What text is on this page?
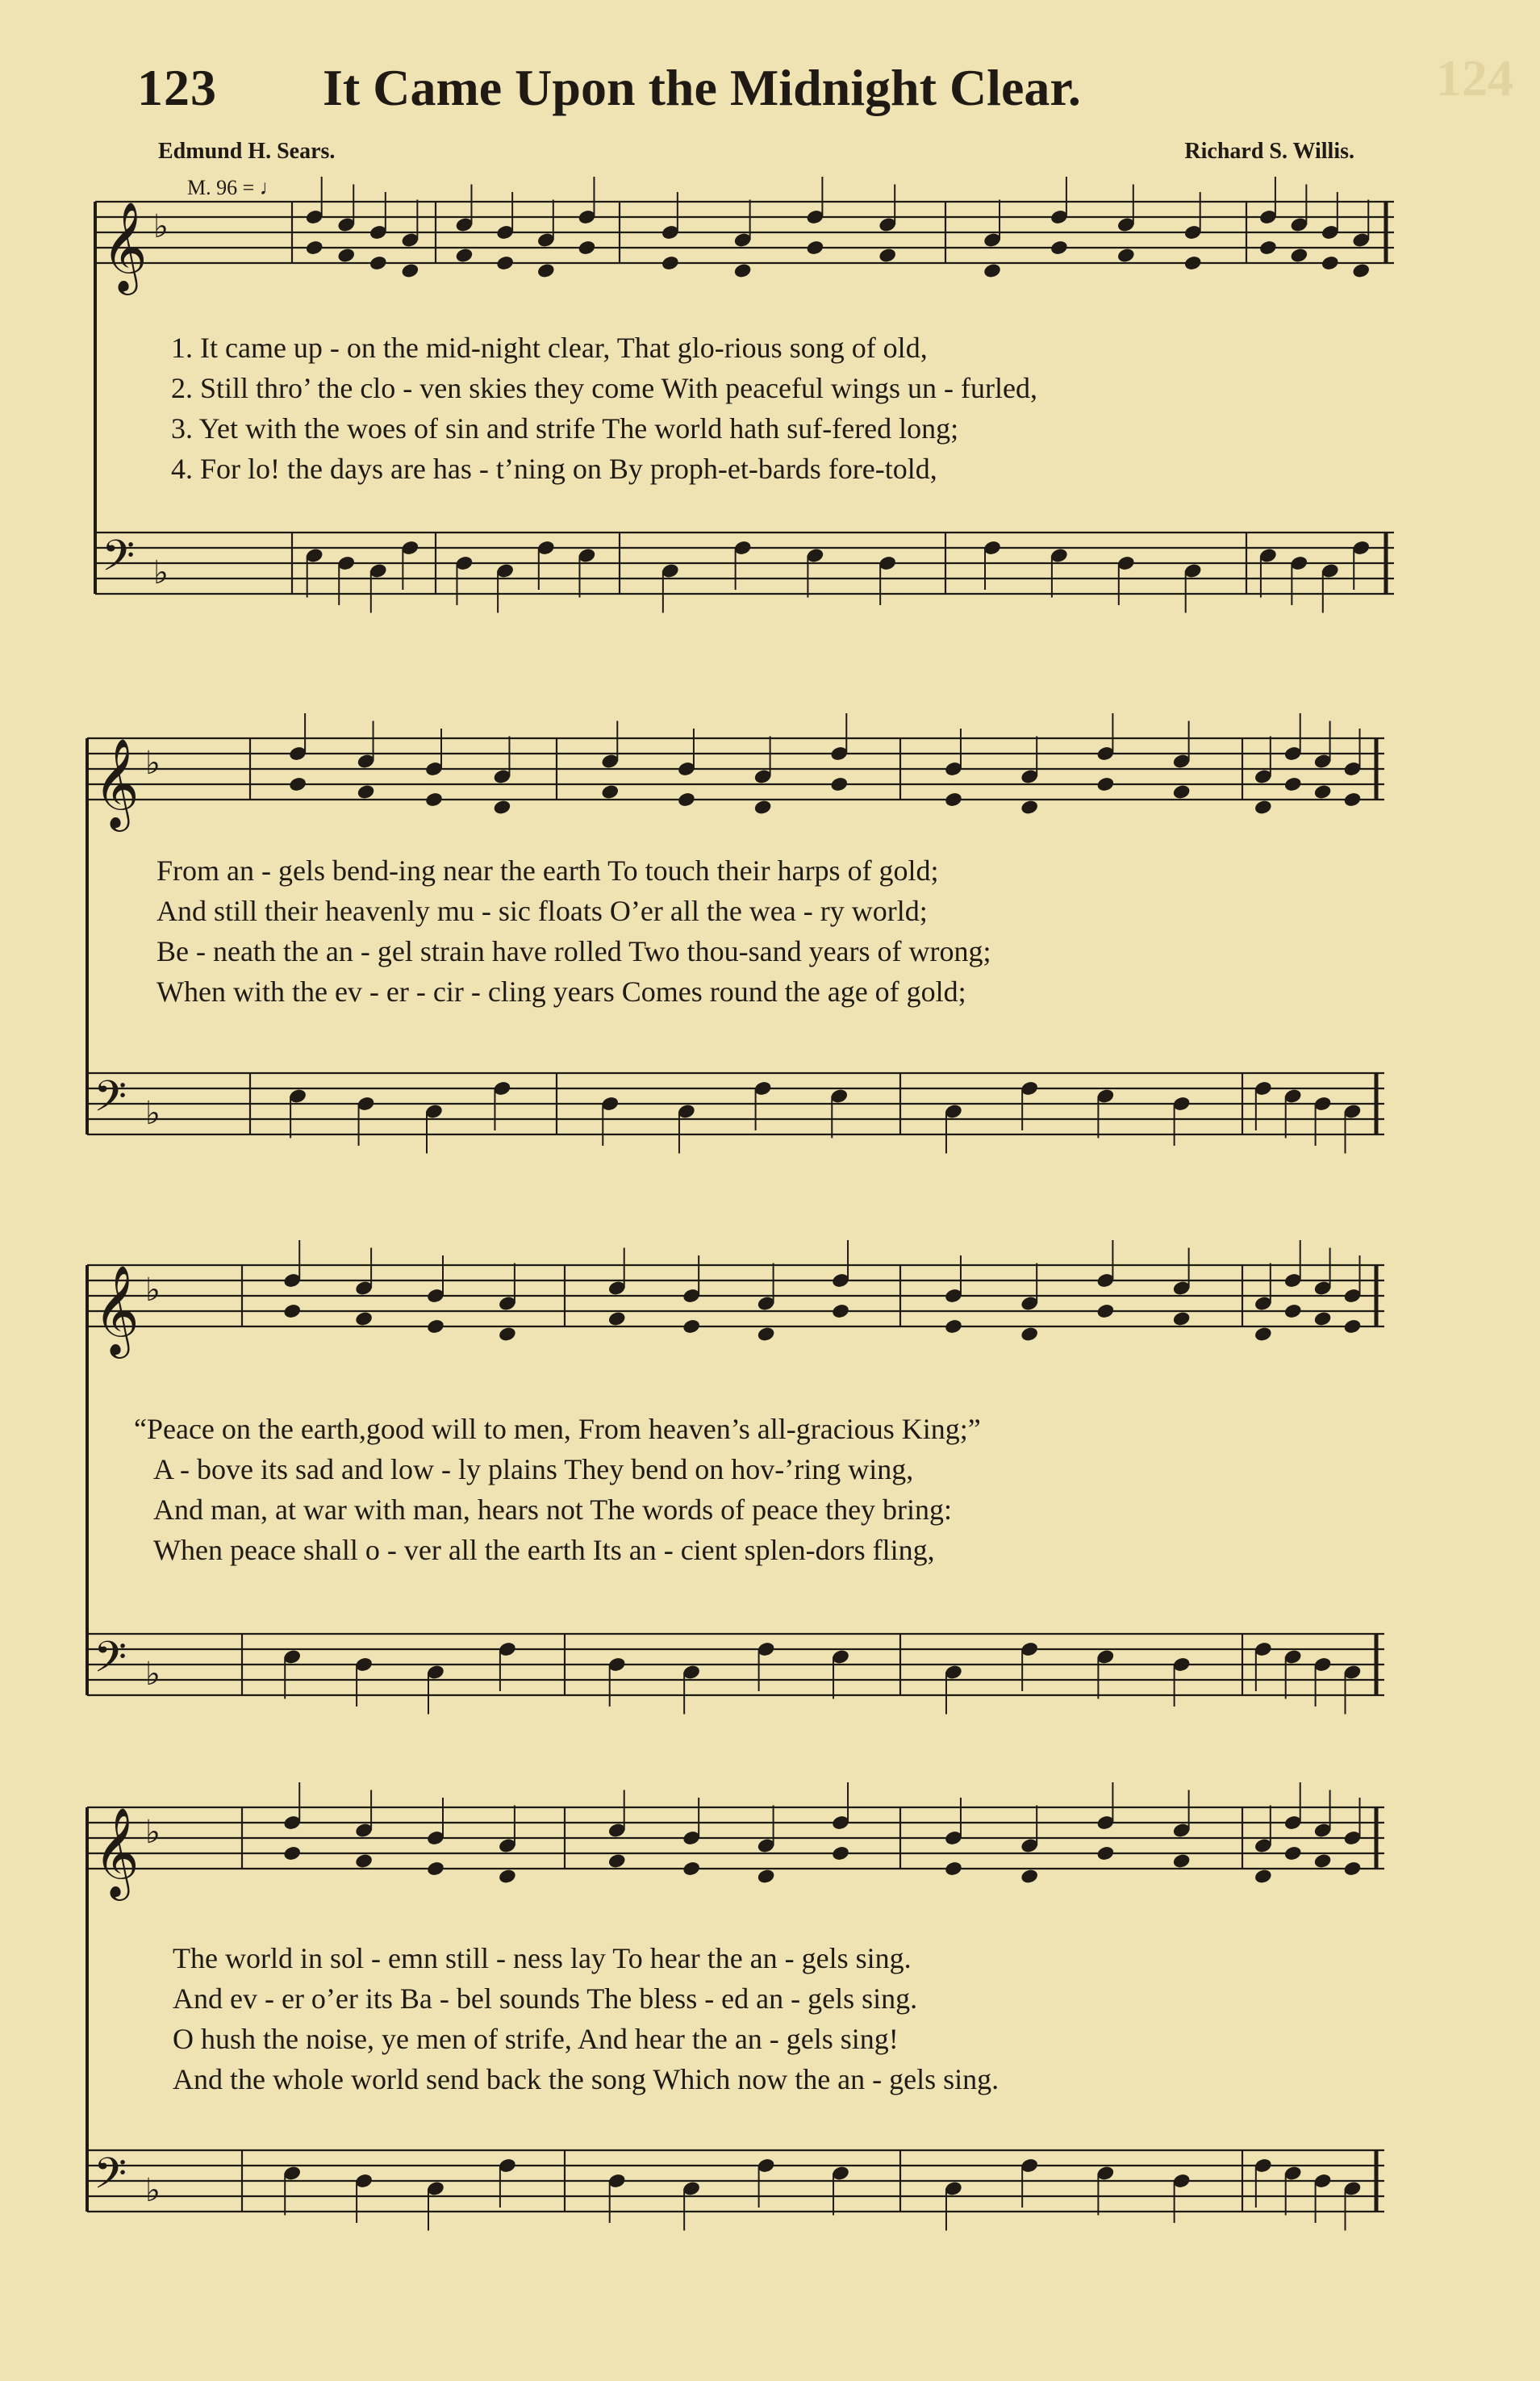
123 It Came Upon the Midnight Clear.	124
Edmund H. Sears.	Richard S. Willis.
M. 96 = ♩
𝄞 ♭
𝄢 ♭
𝄞 ♭
𝄢 ♭
𝄞 ♭
𝄢 ♭
𝄞 ♭
𝄢 ♭
1. It came up - on the mid-night clear, That glo-rious song of old,
2. Still thro’ the clo - ven skies they come With peaceful wings un - furled,
3. Yet with the woes of sin and strife The world hath suf-fered long;
4. For lo! the days are has - t’ning on By proph-et-bards fore-told,
From an - gels bend-ing near the earth To touch their harps of gold;
And still their heavenly mu - sic floats O’er all the wea - ry world;
Be - neath the an - gel strain have rolled Two thou-sand years of wrong;
When with the ev - er - cir - cling years Comes round the age of gold;
“Peace on the earth,good will to men, From heaven’s all-gracious King;”
A - bove its sad and low - ly plains They bend on hov-’ring wing,
And man, at war with man, hears not The words of peace they bring:
When peace shall o - ver all the earth Its an - cient splen-dors fling,
The world in sol - emn still - ness lay To hear the an - gels sing.
And ev - er o’er its Ba - bel sounds The bless - ed an - gels sing.
O hush the noise, ye men of strife, And hear the an - gels sing!
And the whole world send back the song Which now the an - gels sing.
